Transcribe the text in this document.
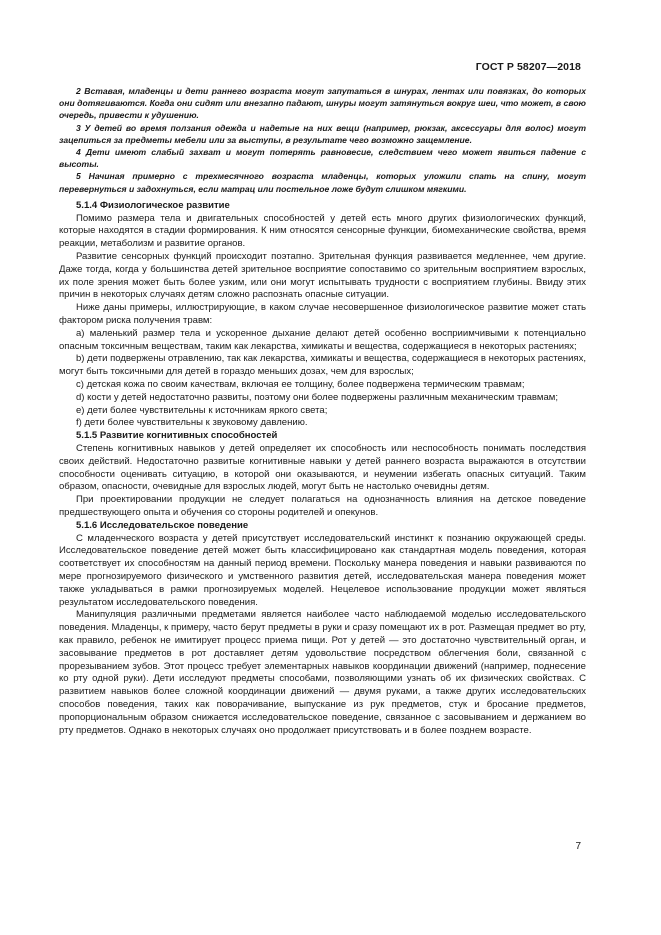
ГОСТ Р 58207—2018

2 Вставая, младенцы и дети раннего возраста могут запутаться в шнурах, лентах или повязках, до которых они дотягиваются. Когда они сидят или внезапно падают, шнуры могут затянуться вокруг шеи, что может, в свою очередь, привести к удушению.

3 У детей во время ползания одежда и надетые на них вещи (например, рюкзак, аксессуары для волос) могут зацепиться за предметы мебели или за выступы, в результате чего возможно защемление.

4 Дети имеют слабый захват и могут потерять равновесие, следствием чего может явиться падение с высоты.

5 Начиная примерно с трехмесячного возраста младенцы, которых уложили спать на спину, могут перевернуться и задохнуться, если матрац или постельное ложе будут слишком мягкими.

5.1.4 Физиологическое развитие

Помимо размера тела и двигательных способностей у детей есть много других физиологических функций, которые находятся в стадии формирования. К ним относятся сенсорные функции, биомеханические свойства, время реакции, метаболизм и развитие органов.

Развитие сенсорных функций происходит поэтапно. Зрительная функция развивается медленнее, чем другие. Даже тогда, когда у большинства детей зрительное восприятие сопоставимо со зрительным восприятием взрослых, их поле зрения может быть более узким, или они могут испытывать трудности с восприятием глубины. Ввиду этих причин в некоторых случаях детям сложно распознать опасные ситуации.

Ниже даны примеры, иллюстрирующие, в каком случае несовершенное физиологическое развитие может стать фактором риска получения травм:

a) маленький размер тела и ускоренное дыхание делают детей особенно восприимчивыми к потенциально опасным токсичным веществам, таким как лекарства, химикаты и вещества, содержащиеся в некоторых растениях;

b) дети подвержены отравлению, так как лекарства, химикаты и вещества, содержащиеся в некоторых растениях, могут быть токсичными для детей в гораздо меньших дозах, чем для взрослых;

c) детская кожа по своим качествам, включая ее толщину, более подвержена термическим травмам;

d) кости у детей недостаточно развиты, поэтому они более подвержены различным механическим травмам;

e) дети более чувствительны к источникам яркого света;

f) дети более чувствительны к звуковому давлению.

5.1.5 Развитие когнитивных способностей

Степень когнитивных навыков у детей определяет их способность или неспособность понимать последствия своих действий. Недостаточно развитые когнитивные навыки у детей раннего возраста выражаются в отсутствии способности оценивать ситуацию, в которой они оказываются, и неумении избегать опасных ситуаций. Таким образом, опасности, очевидные для взрослых людей, могут быть не настолько очевидны детям.

При проектировании продукции не следует полагаться на однозначность влияния на детское поведение предшествующего опыта и обучения со стороны родителей и опекунов.

5.1.6 Исследовательское поведение

С младенческого возраста у детей присутствует исследовательский инстинкт к познанию окружающей среды. Исследовательское поведение детей может быть классифицировано как стандартная модель поведения, которая соответствует их способностям на данный период времени. Поскольку манера поведения и навыки развиваются по мере прогнозируемого физического и умственного развития детей, исследовательская манера поведения может также укладываться в рамки прогнозируемых моделей. Нецелевое использование продукции может являться результатом исследовательского поведения.

Манипуляция различными предметами является наиболее часто наблюдаемой моделью исследовательского поведения. Младенцы, к примеру, часто берут предметы в руки и сразу помещают их в рот. Размещая предмет во рту, как правило, ребенок не имитирует процесс приема пищи. Рот у детей — это достаточно чувствительный орган, и засовывание предметов в рот доставляет детям удовольствие посредством облегчения боли, связанной с прорезыванием зубов. Этот процесс требует элементарных навыков координации движений (например, поднесение ко рту одной руки). Дети исследуют предметы способами, позволяющими узнать об их физических свойствах. С развитием навыков более сложной координации движений — двумя руками, а также других исследовательских способов поведения, таких как поворачивание, выпускание из рук предметов, стук и бросание предметов, пропорциональным образом снижается исследовательское поведение, связанное с засовыванием и держанием во рту предметов. Однако в некоторых случаях оно продолжает присутствовать и в более позднем возрасте.

7
